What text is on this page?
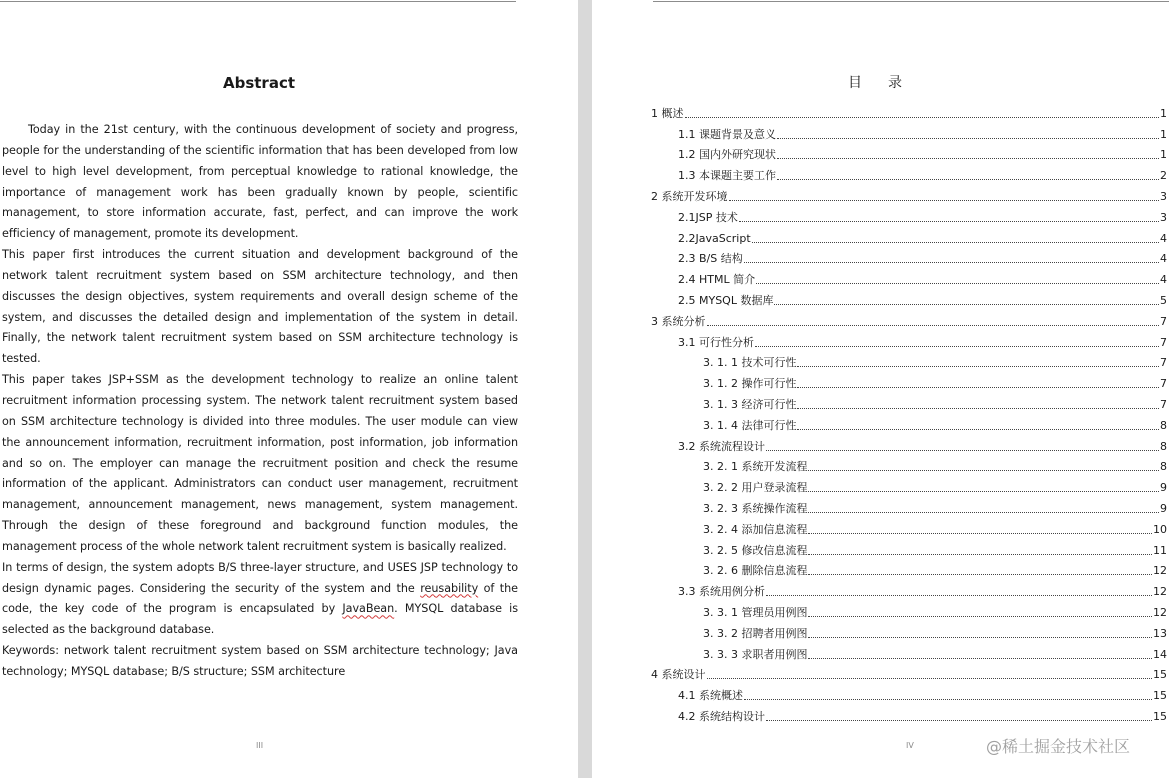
Abstract

Today in the 21st century, with the continuous development of society and progress, people for the understanding of the scientific information that has been developed from low level to high level development, from perceptual knowledge to rational knowledge, the importance of management work has been gradually known by people, scientific management, to store information accurate, fast, perfect, and can improve the work efficiency of management, promote its development.

This paper first introduces the current situation and development background of the network talent recruitment system based on SSM architecture technology, and then discusses the design objectives, system requirements and overall design scheme of the system, and discusses the detailed design and implementation of the system in detail. Finally, the network talent recruitment system based on SSM architecture technology is tested.

This paper takes JSP+SSM as the development technology to realize an online talent recruitment information processing system. The network talent recruitment system based on SSM architecture technology is divided into three modules. The user module can view the announcement information, recruitment information, post information, job information and so on. The employer can manage the recruitment position and check the resume information of the applicant. Administrators can conduct user management, recruitment management, announcement management, news management, system management. Through the design of these foreground and background function modules, the management process of the whole network talent recruitment system is basically realized.

In terms of design, the system adopts B/S three-layer structure, and USES JSP technology to design dynamic pages. Considering the security of the system and the reusability of the code, the key code of the program is encapsulated by JavaBean. MYSQL database is selected as the background database.

Keywords: network talent recruitment system based on SSM architecture technology; Java technology; MYSQL database; B/S structure; SSM architecture

III
目录
1 概述	1
1.1 课题背景及意义	1
1.2 国内外研究现状	1
1.3 本课题主要工作	2
2 系统开发环境	3
2.1JSP 技术	3
2.2JavaScript	4
2.3 B/S 结构	4
2.4 HTML 简介	4
2.5 MYSQL 数据库	5
3 系统分析	7
3.1 可行性分析	7
3. 1. 1 技术可行性	7
3. 1. 2 操作可行性	7
3. 1. 3 经济可行性	7
3. 1. 4 法律可行性	8
3.2 系统流程设计	8
3. 2. 1 系统开发流程	8
3. 2. 2 用户登录流程	9
3. 2. 3 系统操作流程	9
3. 2. 4 添加信息流程	10
3. 2. 5 修改信息流程	11
3. 2. 6 删除信息流程	12
3.3 系统用例分析	12
3. 3. 1 管理员用例图	12
3. 3. 2 招聘者用例图	13
3. 3. 3 求职者用例图	14
4 系统设计	15
4.1 系统概述	15
4.2 系统结构设计	15
IV	@稀土掘金技术社区
